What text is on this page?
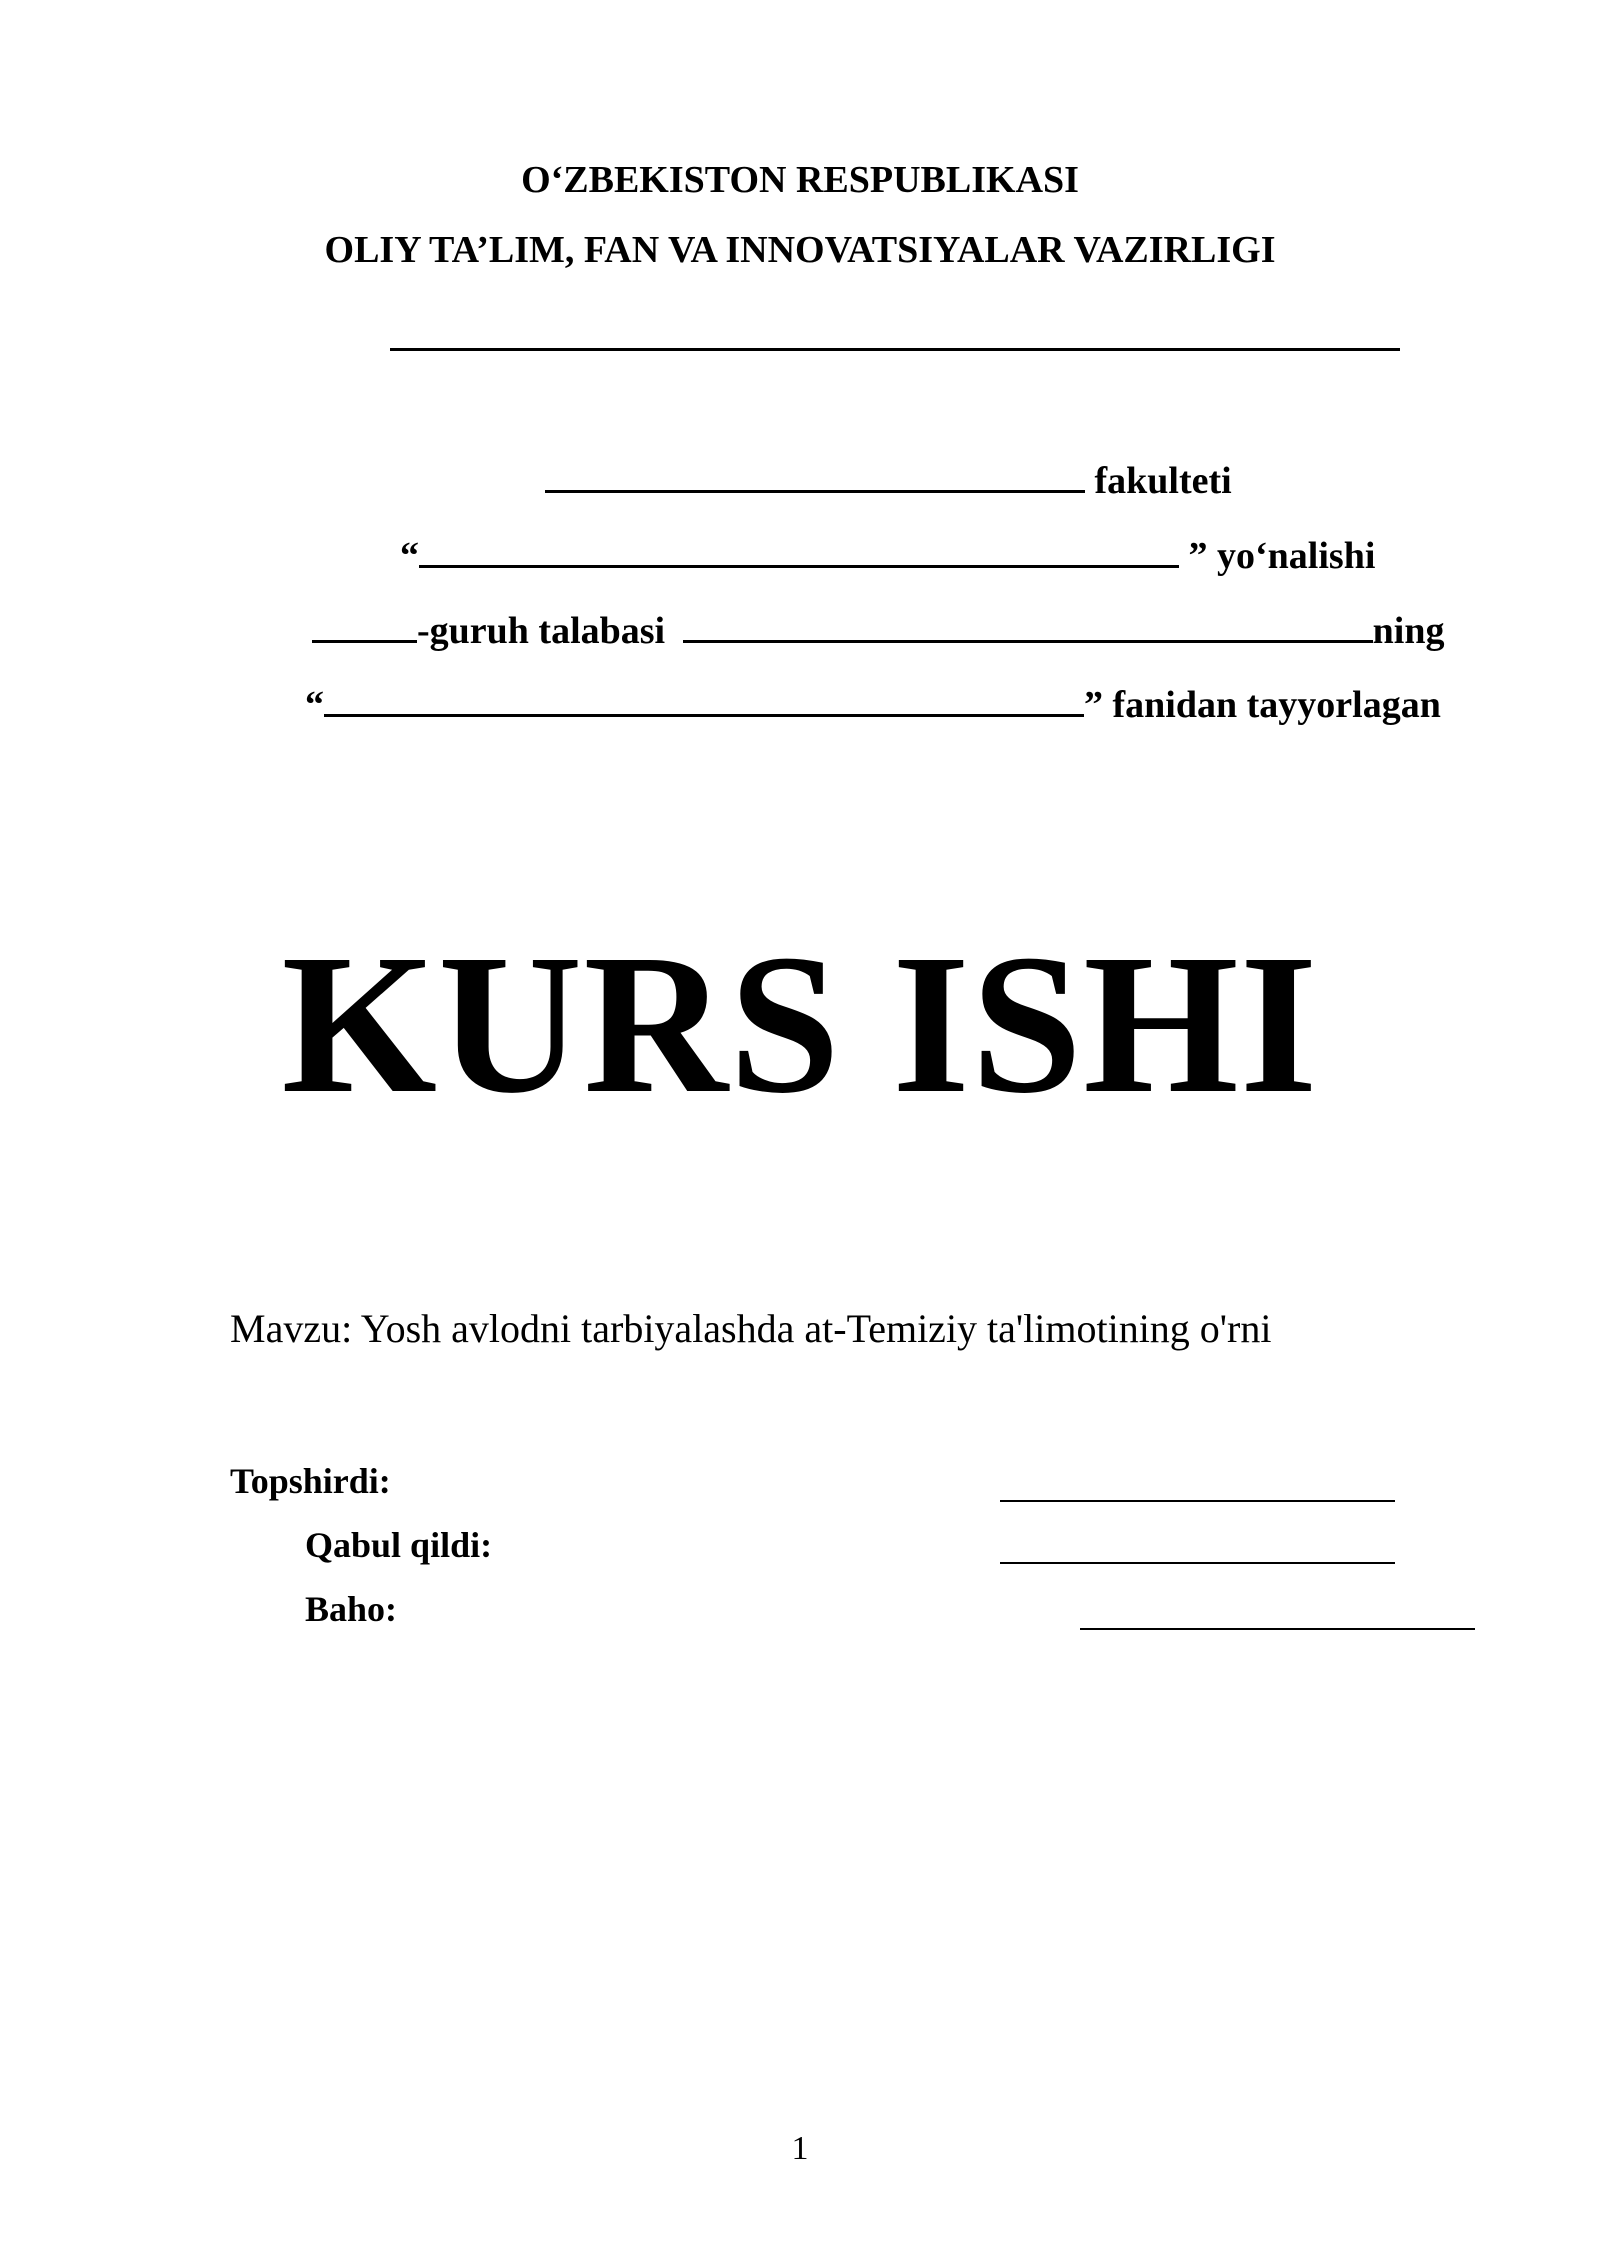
O‘ZBEKISTON RESPUBLIKASI
OLIY TA’LIM, FAN VA INNOVATSIYALAR VAZIRLIGI
fakulteti
“	” yo‘nalishi
-guruh talabasi	ning
“	” fanidan tayyorlagan
KURS ISHI
Mavzu: Yosh avlodni tarbiyalashda at-Temiziy ta'limotining o'rni
Topshirdi:
Qabul qildi:
Baho:
1
